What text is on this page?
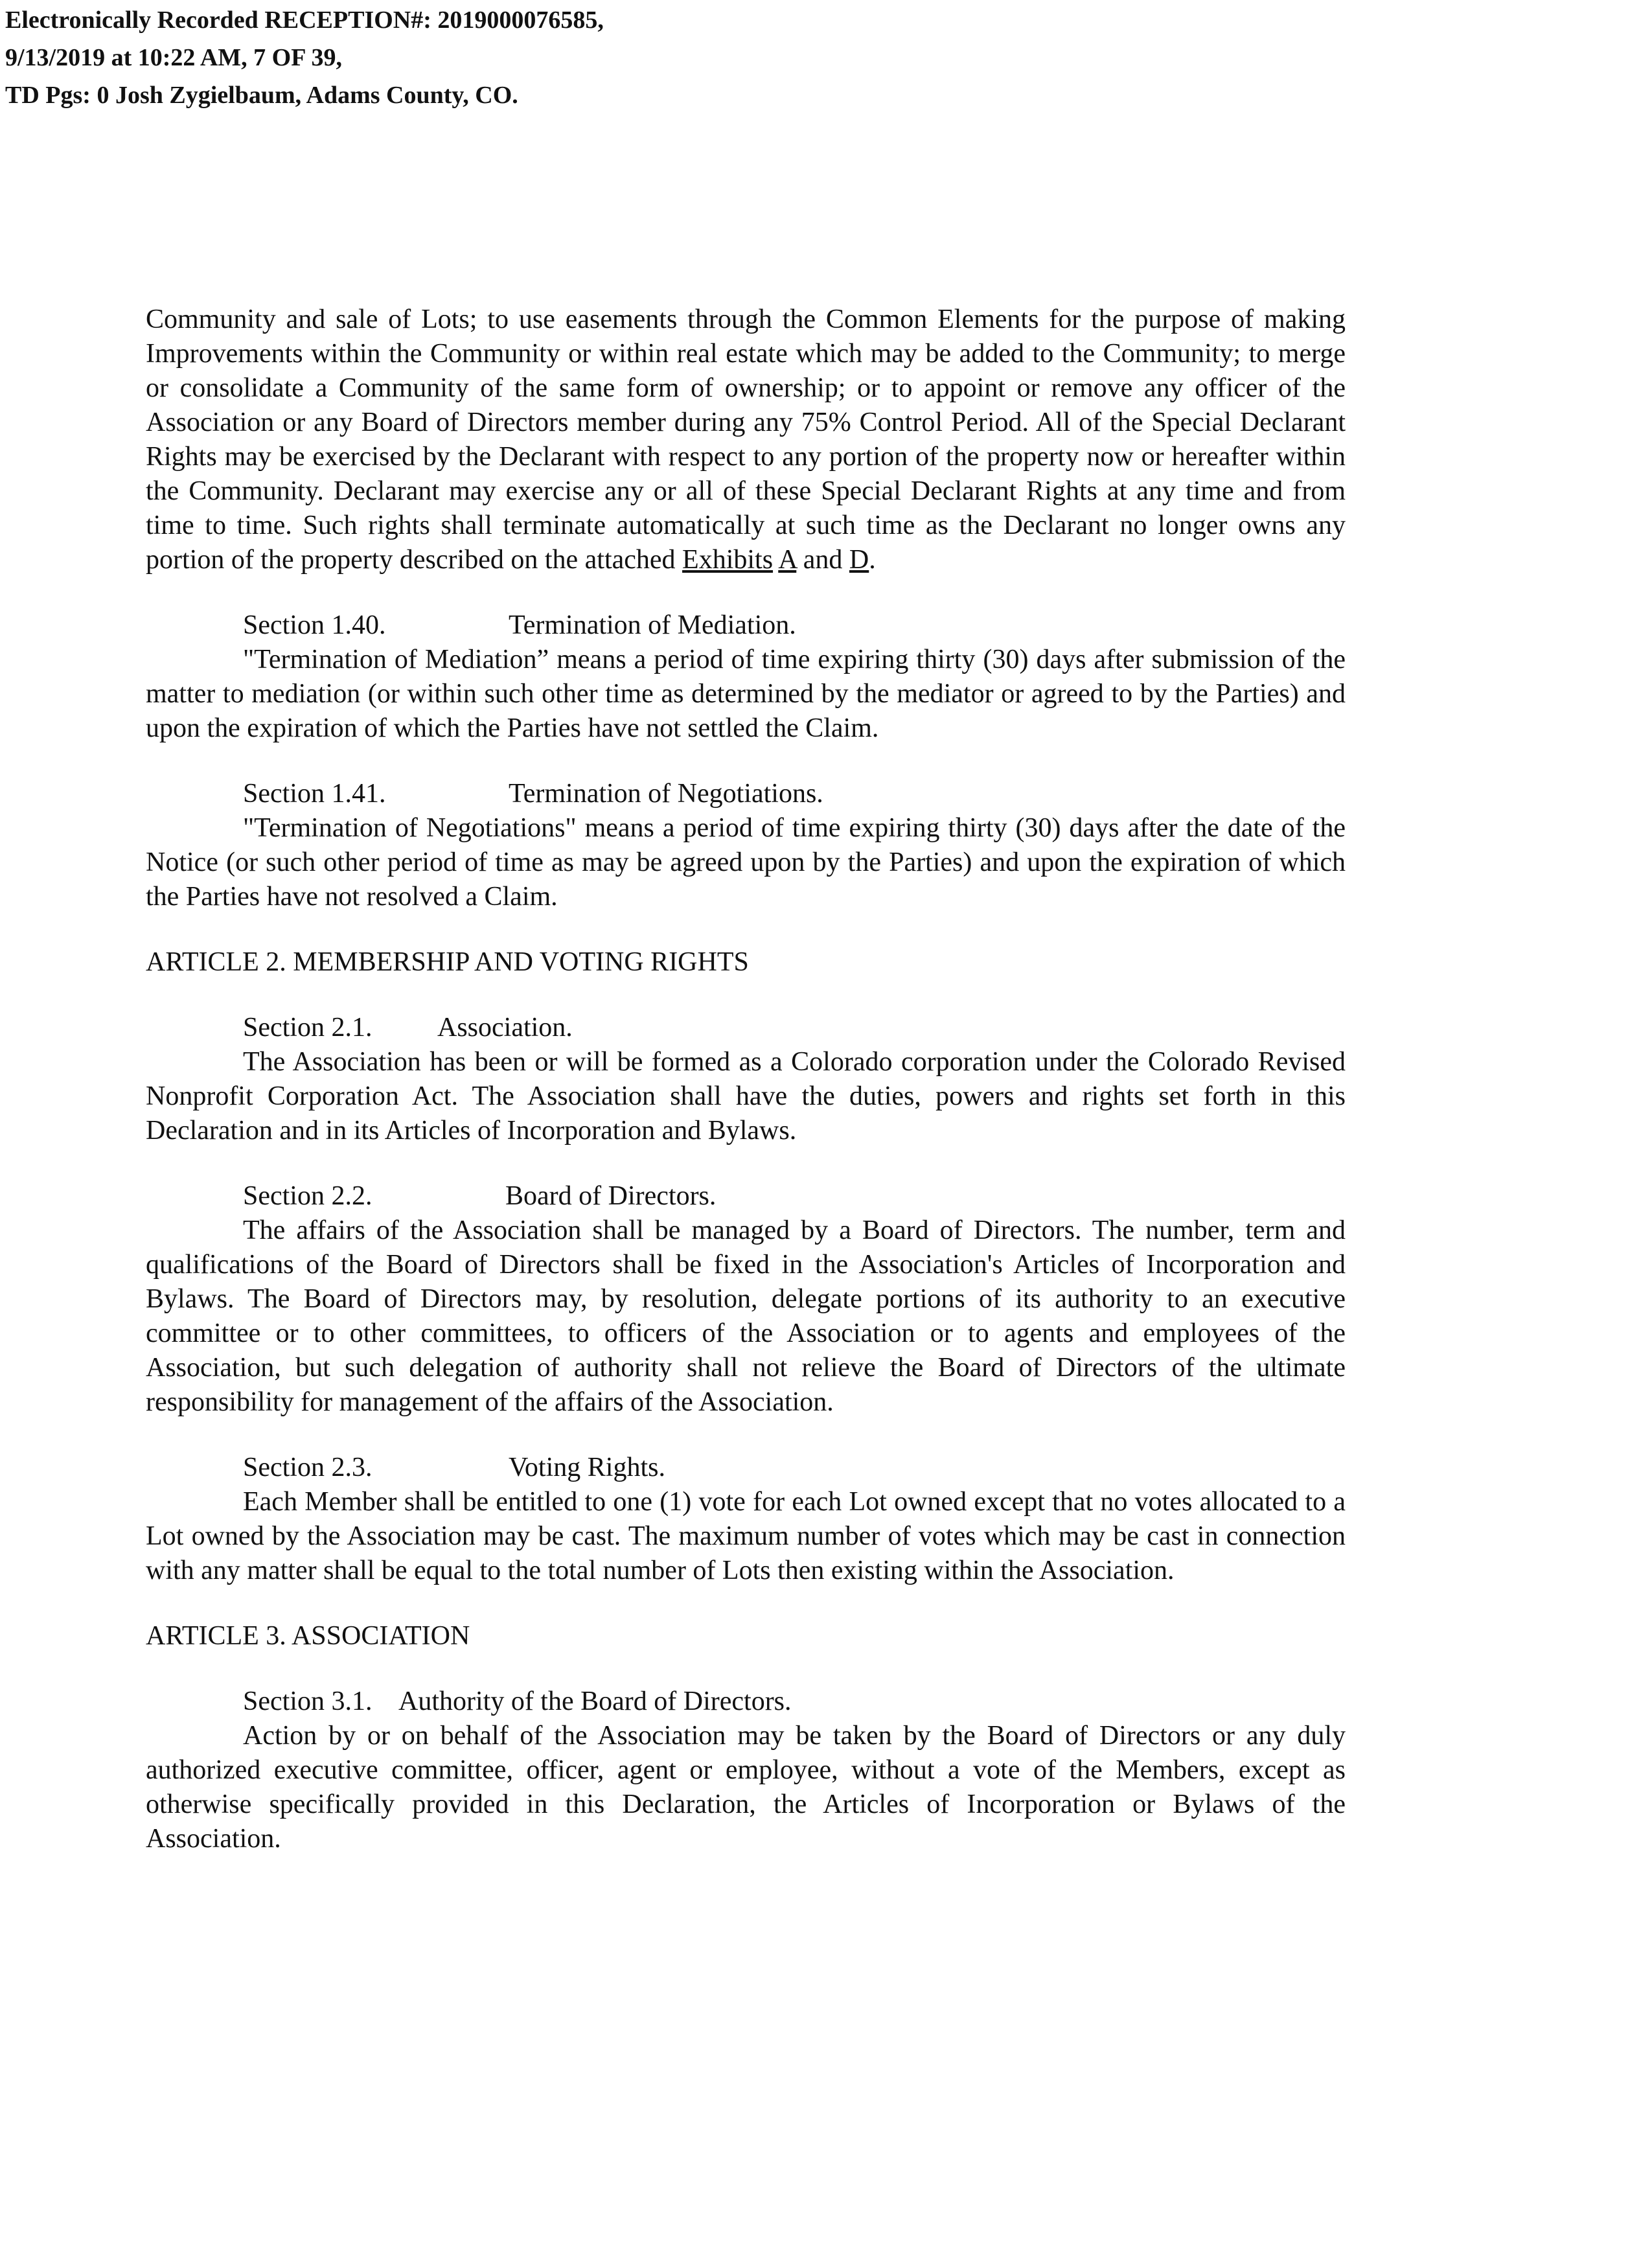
Electronically Recorded RECEPTION#: 2019000076585,
9/13/2019 at 10:22 AM, 7 OF 39,
TD Pgs: 0 Josh Zygielbaum, Adams County, CO.

Community and sale of Lots; to use easements through the Common Elements for the purpose of making Improvements within the Community or within real estate which may be added to the Community; to merge or consolidate a Community of the same form of ownership; or to appoint or remove any officer of the Association or any Board of Directors member during any 75% Control Period. All of the Special Declarant Rights may be exercised by the Declarant with respect to any portion of the property now or hereafter within the Community. Declarant may exercise any or all of these Special Declarant Rights at any time and from time to time. Such rights shall terminate automatically at such time as the Declarant no longer owns any portion of the property described on the attached Exhibits A and D.

Section 1.40.	Termination of Mediation.

"Termination of Mediation” means a period of time expiring thirty (30) days after submission of the matter to mediation (or within such other time as determined by the mediator or agreed to by the Parties) and upon the expiration of which the Parties have not settled the Claim.

Section 1.41.	Termination of Negotiations.

"Termination of Negotiations" means a period of time expiring thirty (30) days after the date of the Notice (or such other period of time as may be agreed upon by the Parties) and upon the expiration of which the Parties have not resolved a Claim.

ARTICLE 2. MEMBERSHIP AND VOTING RIGHTS
Section 2.1. Association.

The Association has been or will be formed as a Colorado corporation under the Colorado Revised Nonprofit Corporation Act. The Association shall have the duties, powers and rights set forth in this Declaration and in its Articles of Incorporation and Bylaws.

Section 2.2.	Board of Directors.

The affairs of the Association shall be managed by a Board of Directors. The number, term and qualifications of the Board of Directors shall be fixed in the Association's Articles of Incorporation and Bylaws. The Board of Directors may, by resolution, delegate portions of its authority to an executive committee or to other committees, to officers of the Association or to agents and employees of the Association, but such delegation of authority shall not relieve the Board of Directors of the ultimate responsibility for management of the affairs of the Association.

Section 2.3.	Voting Rights.

Each Member shall be entitled to one (1) vote for each Lot owned except that no votes allocated to a Lot owned by the Association may be cast. The maximum number of votes which may be cast in connection with any matter shall be equal to the total number of Lots then existing within the Association.

ARTICLE 3. ASSOCIATION
Section 3.1. Authority of the Board of Directors.

Action by or on behalf of the Association may be taken by the Board of Directors or any duly authorized executive committee, officer, agent or employee, without a vote of the Members, except as otherwise specifically provided in this Declaration, the Articles of Incorporation or Bylaws of the Association.
